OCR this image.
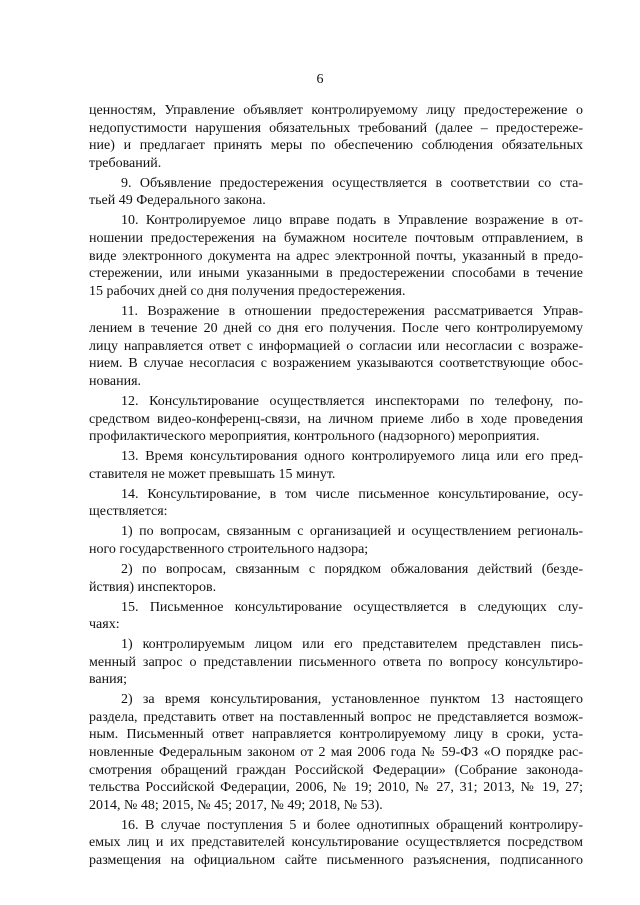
6
ценностям, Управление объявляет контролируемому лицу предостережение о
недопустимости нарушения обязательных требований (далее – предостереже-
ние) и предлагает принять меры по обеспечению соблюдения обязательных
требований.
9. Объявление предостережения осуществляется в соответствии со ста-
тьей 49 Федерального закона.
10. Контролируемое лицо вправе подать в Управление возражение в от-
ношении предостережения на бумажном носителе почтовым отправлением, в
виде электронного документа на адрес электронной почты, указанный в предо-
стережении, или иными указанными в предостережении способами в течение
15 рабочих дней со дня получения предостережения.
11. Возражение в отношении предостережения рассматривается Управ-
лением в течение 20 дней со дня его получения. После чего контролируемому
лицу направляется ответ с информацией о согласии или несогласии с возраже-
нием. В случае несогласия с возражением указываются соответствующие обос-
нования.
12. Консультирование осуществляется инспекторами по телефону, по-
средством видео-конференц-связи, на личном приеме либо в ходе проведения
профилактического мероприятия, контрольного (надзорного) мероприятия.
13. Время консультирования одного контролируемого лица или его пред-
ставителя не может превышать 15 минут.
14. Консультирование, в том числе письменное консультирование, осу-
ществляется:
1) по вопросам, связанным с организацией и осуществлением региональ-
ного государственного строительного надзора;
2) по вопросам, связанным с порядком обжалования действий (безде-
йствия) инспекторов.
15. Письменное консультирование осуществляется в следующих слу-
чаях:
1) контролируемым лицом или его представителем представлен пись-
менный запрос о представлении письменного ответа по вопросу консультиро-
вания;
2) за время консультирования, установленное пунктом 13 настоящего
раздела, представить ответ на поставленный вопрос не представляется возмож-
ным. Письменный ответ направляется контролируемому лицу в сроки, уста-
новленные Федеральным законом от 2 мая 2006 года № 59-ФЗ «О порядке рас-
смотрения обращений граждан Российской Федерации» (Собрание законода-
тельства Российской Федерации, 2006, № 19; 2010, № 27, 31; 2013, № 19, 27;
2014, № 48; 2015, № 45; 2017, № 49; 2018, № 53).
16. В случае поступления 5 и более однотипных обращений контролиру-
емых лиц и их представителей консультирование осуществляется посредством
размещения на официальном сайте письменного разъяснения, подписанного
